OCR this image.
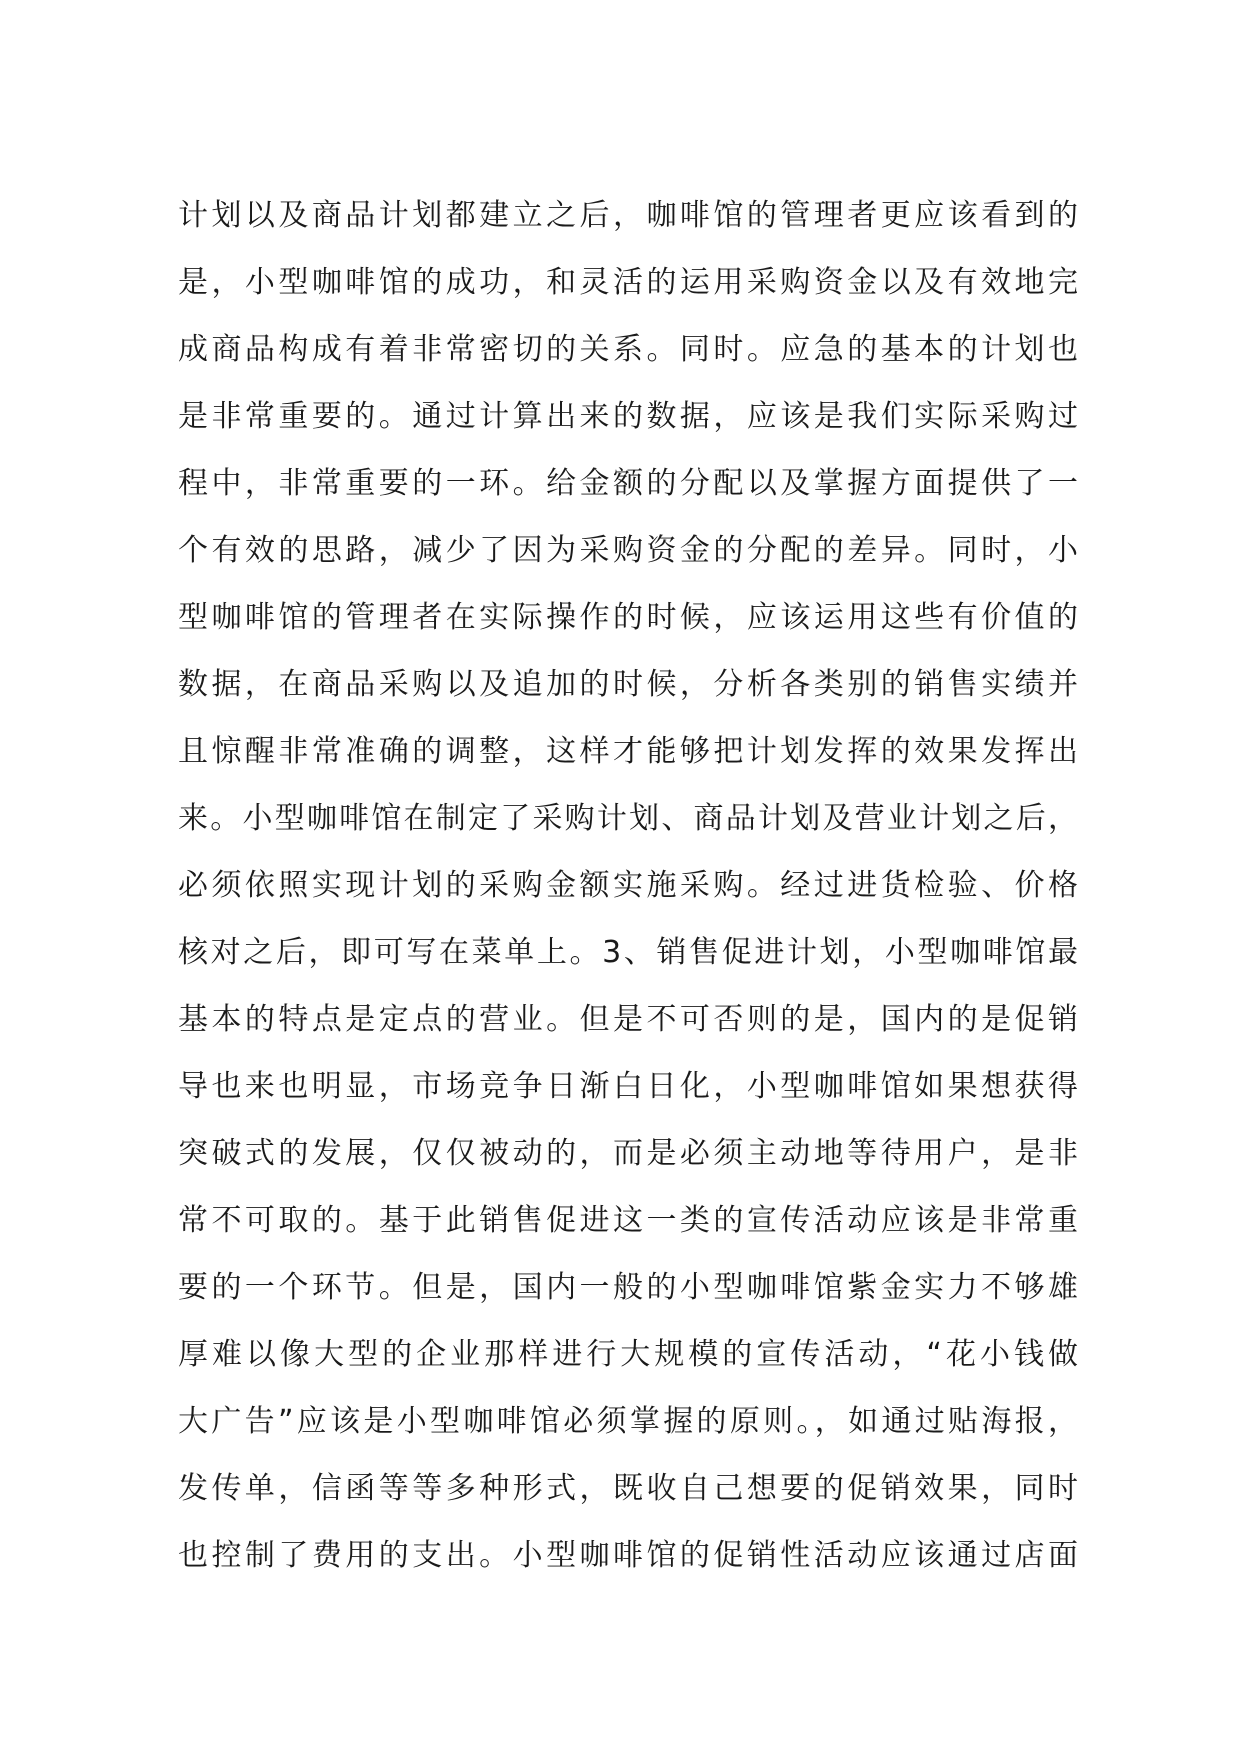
计划以及商品计划都建立之后，咖啡馆的管理者更应该看到的
是，小型咖啡馆的成功，和灵活的运用采购资金以及有效地完
成商品构成有着非常密切的关系。同时。应急的基本的计划也
是非常重要的。通过计算出来的数据，应该是我们实际采购过
程中，非常重要的一环。给金额的分配以及掌握方面提供了一
个有效的思路，减少了因为采购资金的分配的差异。同时，小
型咖啡馆的管理者在实际操作的时候，应该运用这些有价值的
数据，在商品采购以及追加的时候，分析各类别的销售实绩并
且惊醒非常准确的调整，这样才能够把计划发挥的效果发挥出
来。小型咖啡馆在制定了采购计划、商品计划及营业计划之后，
必须依照实现计划的采购金额实施采购。经过进货检验、价格
核对之后，即可写在菜单上。3、销售促进计划，小型咖啡馆最
基本的特点是定点的营业。但是不可否则的是，国内的是促销
导也来也明显，市场竞争日渐白日化，小型咖啡馆如果想获得
突破式的发展，仅仅被动的，而是必须主动地等待用户，是非
常不可取的。基于此销售促进这一类的宣传活动应该是非常重
要的一个环节。但是，国内一般的小型咖啡馆紫金实力不够雄
厚难以像大型的企业那样进行大规模的宣传活动，“花小钱做
大广告”应该是小型咖啡馆必须掌握的原则。，如通过贴海报，
发传单，信函等等多种形式，既收自己想要的促销效果，同时
也控制了费用的支出。小型咖啡馆的促销性活动应该通过店面
